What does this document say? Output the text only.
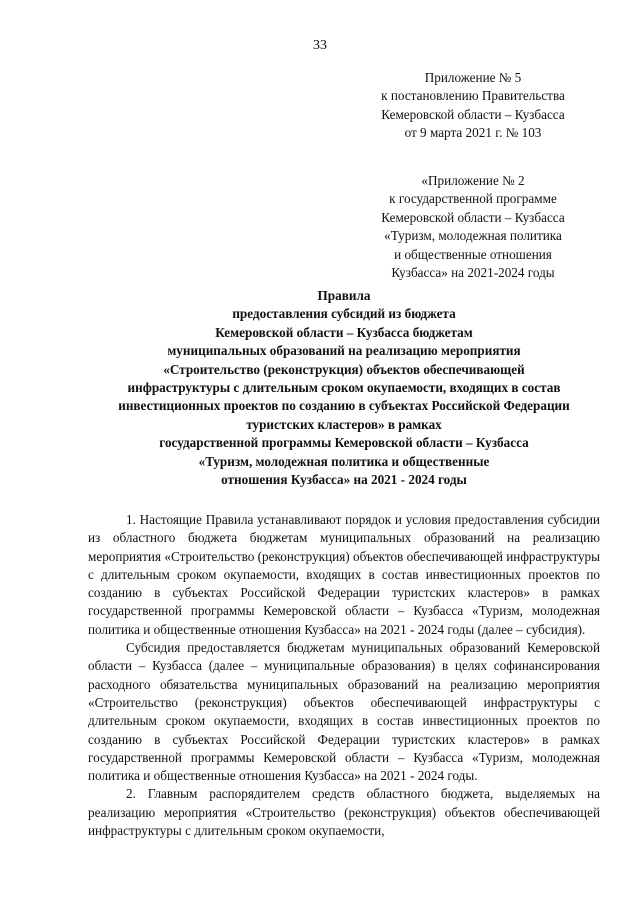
33
Приложение № 5
к постановлению Правительства
Кемеровской области – Кузбасса
от 9 марта 2021 г. № 103
«Приложение № 2
к государственной программе
Кемеровской области – Кузбасса
«Туризм, молодежная политика
и общественные отношения
Кузбасса» на 2021-2024 годы
Правила
предоставления субсидий из бюджета
Кемеровской области – Кузбасса бюджетам
муниципальных образований на реализацию мероприятия
«Строительство (реконструкция) объектов обеспечивающей
инфраструктуры с длительным сроком окупаемости, входящих в состав
инвестиционных проектов по созданию в субъектах Российской Федерации
туристских кластеров» в рамках
государственной программы Кемеровской области – Кузбасса
«Туризм, молодежная политика и общественные
отношения Кузбасса» на 2021 - 2024 годы

1. Настоящие Правила устанавливают порядок и условия предоставления субсидии из областного бюджета бюджетам муниципальных образований на реализацию мероприятия «Строительство (реконструкция) объектов обеспечивающей инфраструктуры с длительным сроком окупаемости, входящих в состав инвестиционных проектов по созданию в субъектах Российской Федерации туристских кластеров» в рамках государственной программы Кемеровской области – Кузбасса «Туризм, молодежная политика и общественные отношения Кузбасса» на 2021 - 2024 годы (далее – субсидия).

Субсидия предоставляется бюджетам муниципальных образований Кемеровской области – Кузбасса (далее – муниципальные образования) в целях софинансирования расходного обязательства муниципальных образований на реализацию мероприятия «Строительство (реконструкция) объектов обеспечивающей инфраструктуры с длительным сроком окупаемости, входящих в состав инвестиционных проектов по созданию в субъектах Российской Федерации туристских кластеров» в рамках государственной программы Кемеровской области – Кузбасса «Туризм, молодежная политика и общественные отношения Кузбасса» на 2021 - 2024 годы.

2. Главным распорядителем средств областного бюджета, выделяемых на реализацию мероприятия «Строительство (реконструкция) объектов обеспечивающей инфраструктуры с длительным сроком окупаемости,
